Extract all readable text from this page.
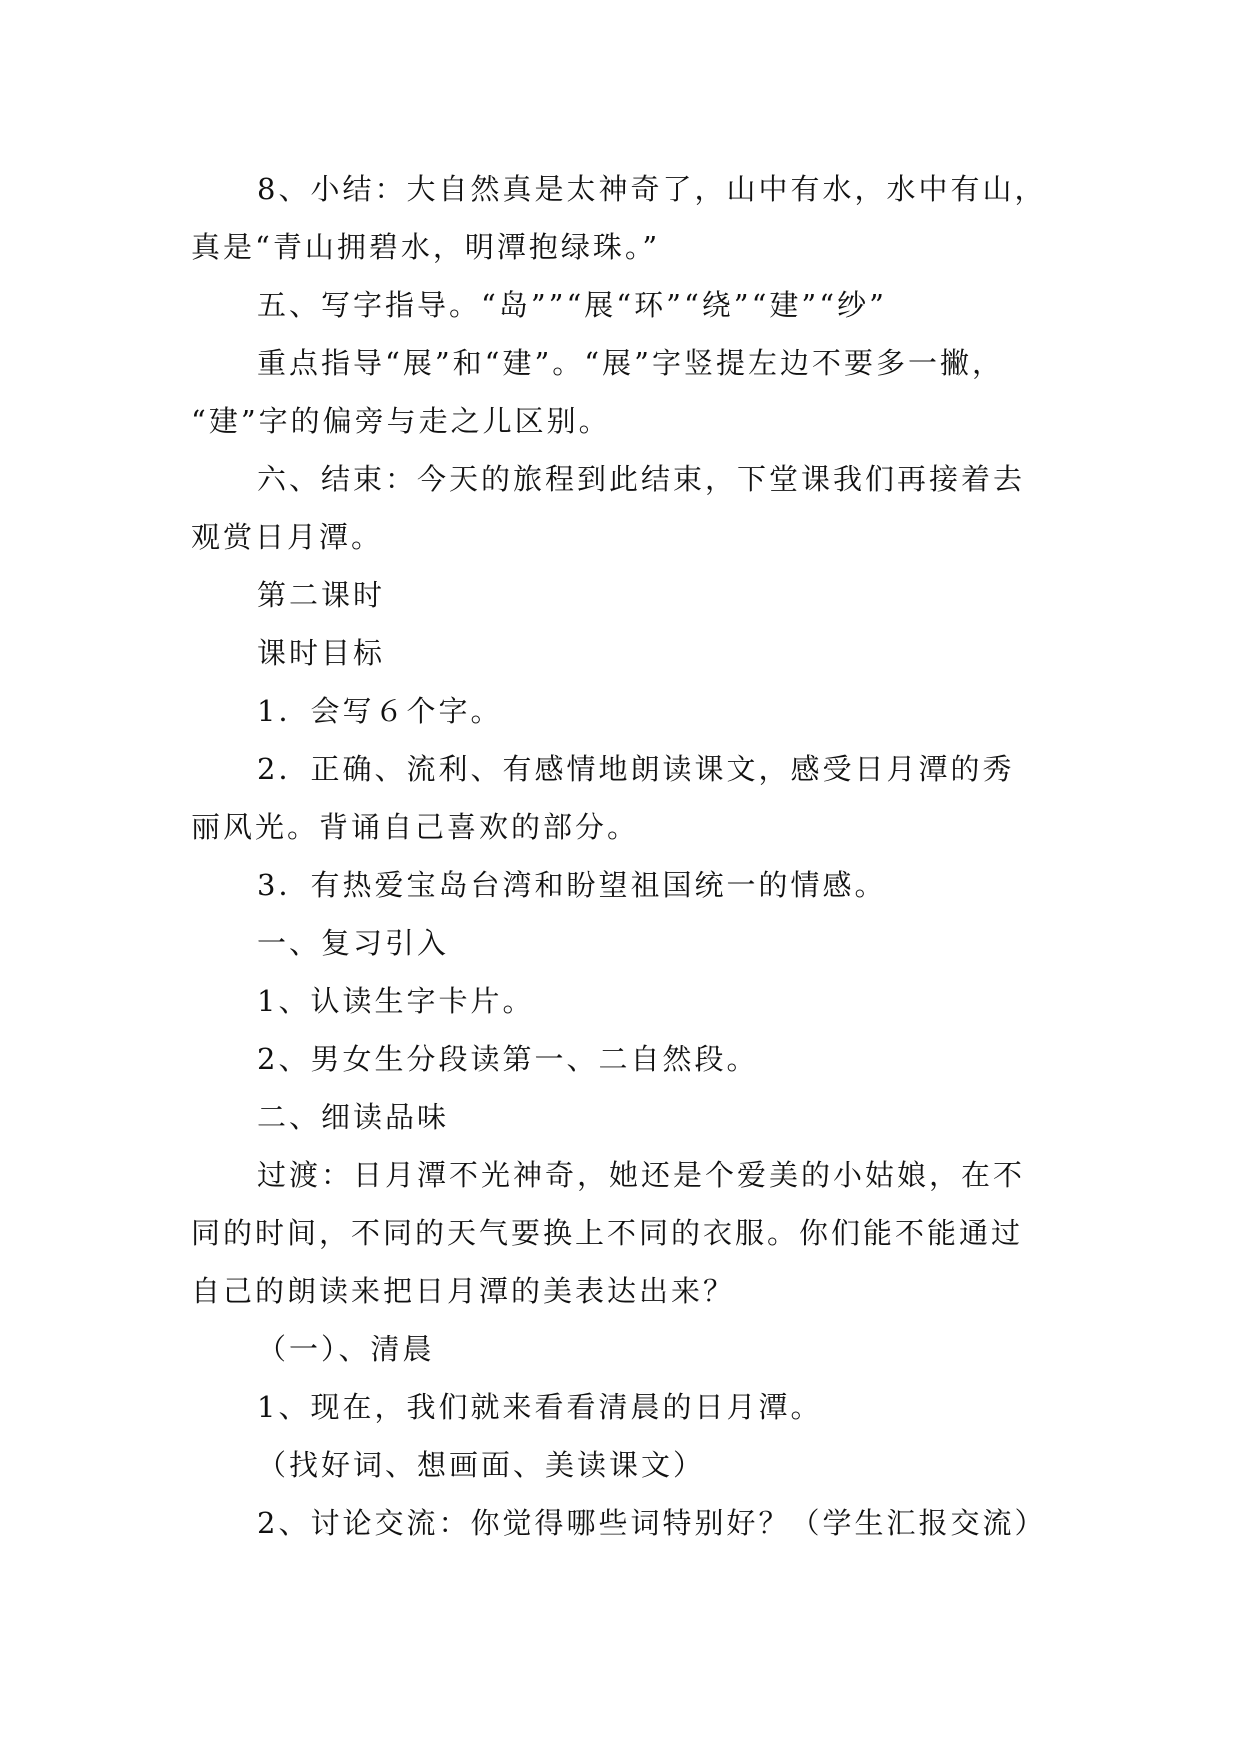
8、小结：大自然真是太神奇了，山中有水，水中有山，
真是“青山拥碧水，明潭抱绿珠。”

五、写字指导。“岛””“展“环”“绕”“建”“纱”

重点指导“展”和“建”。“展”字竖提左边不要多一撇，
“建”字的偏旁与走之儿区别。

六、结束：今天的旅程到此结束，下堂课我们再接着去
观赏日月潭。

第二课时

课时目标

1．会写６个字。

2．正确、流利、有感情地朗读课文，感受日月潭的秀
丽风光。背诵自己喜欢的部分。

3．有热爱宝岛台湾和盼望祖国统一的情感。

一、复习引入

1、认读生字卡片。

2、男女生分段读第一、二自然段。

二、细读品味

过渡：日月潭不光神奇，她还是个爱美的小姑娘，在不
同的时间，不同的天气要换上不同的衣服。你们能不能通过
自己的朗读来把日月潭的美表达出来？

（一）、清晨

1、现在，我们就来看看清晨的日月潭。

（找好词、想画面、美读课文）

2、讨论交流：你觉得哪些词特别好？（学生汇报交流）
